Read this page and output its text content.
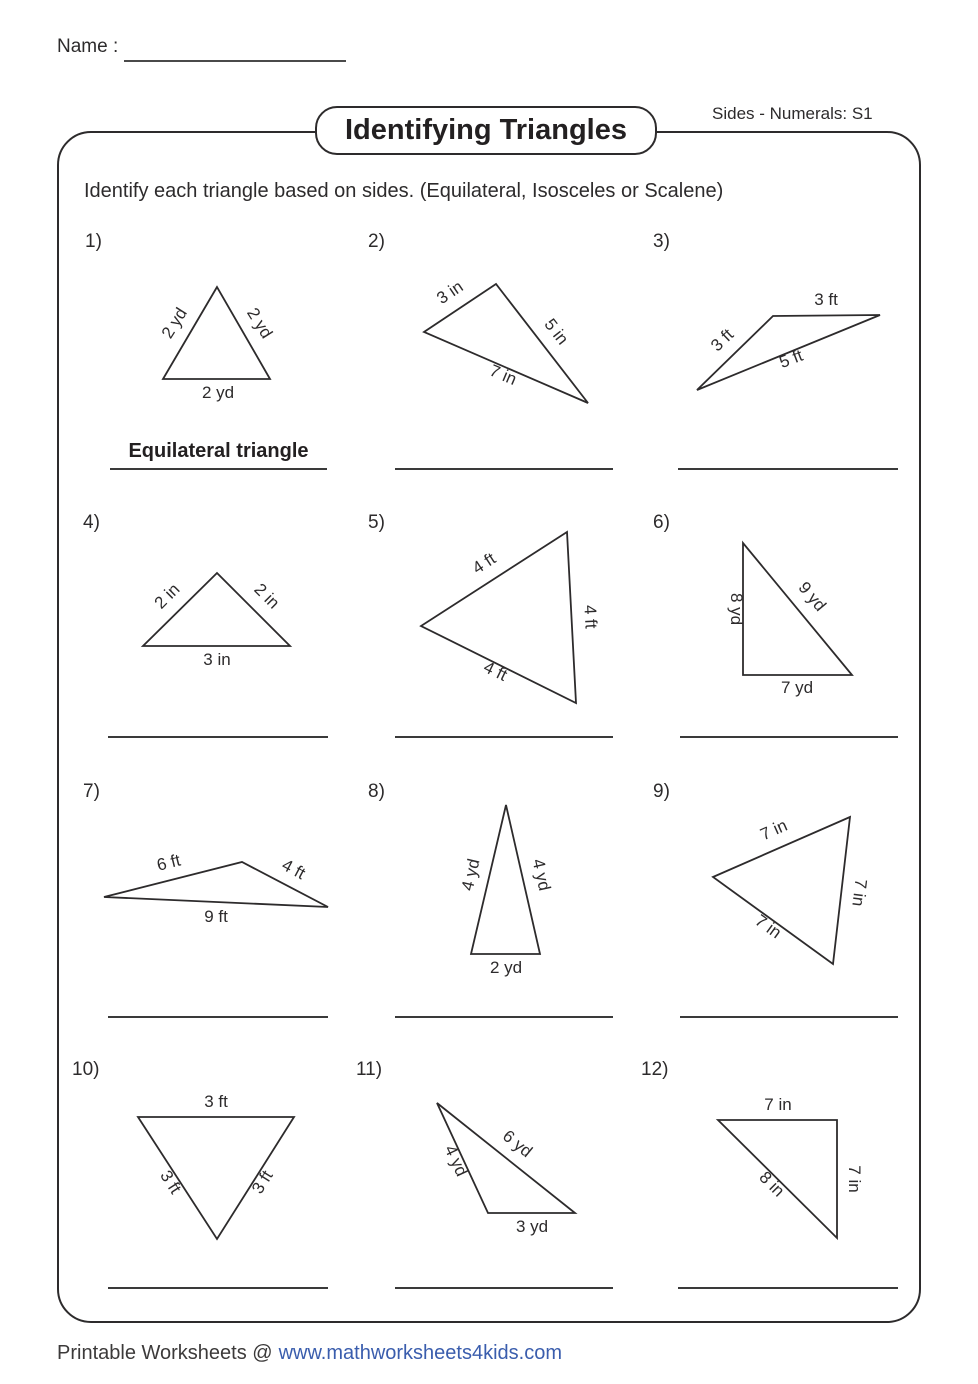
Name :
Identifying Triangles
Sides - Numerals: S1
Identify each triangle based on sides. (Equilateral, Isosceles or Scalene)
1)
2 yd	2 yd
2 yd
Equilateral triangle
2)
3 in
5 in
7 in
3)
3 ft
3 ft
5 ft
4)
2 in	2 in
3 in
5)
4 ft
4 ft
4 ft
6)
8 yd	9 yd
7 yd
7)
6 ft	4 ft
9 ft
8)
4 yd	4 yd
2 yd
9)
7 in
7 in
7 in
10)
3 ft
3 ft	3 ft
11)
4 yd 6 yd
3 yd
12)
7 in
7 in
8 in
Printable Worksheets @ www.mathworksheets4kids.com
